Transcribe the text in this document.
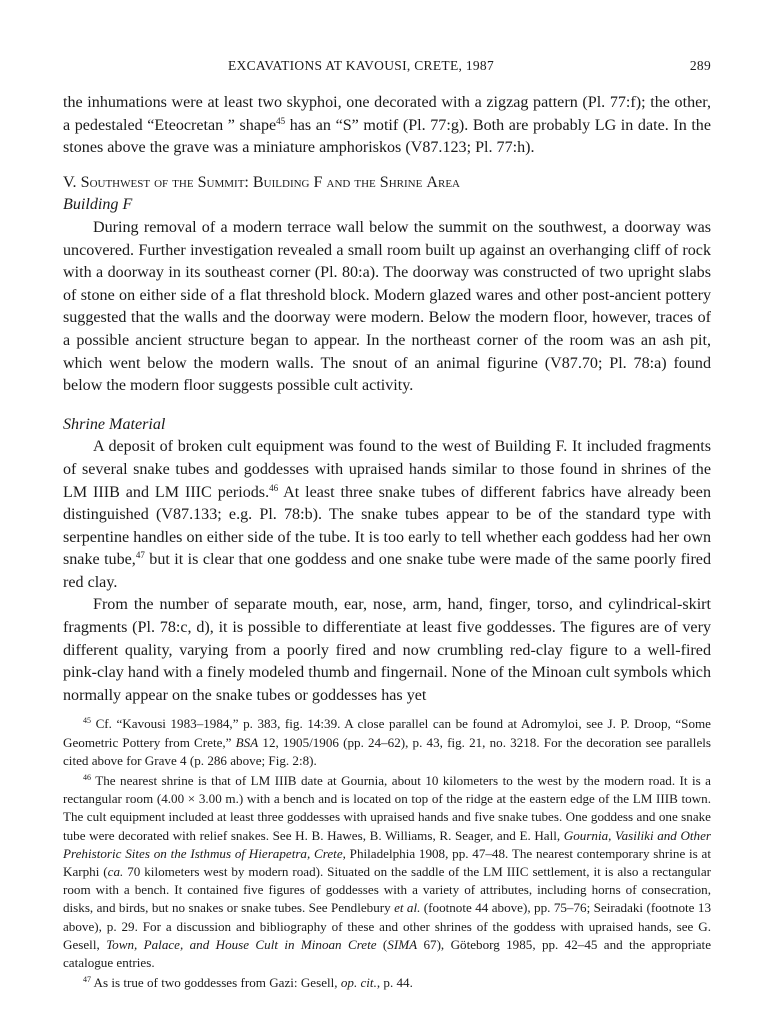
EXCAVATIONS AT KAVOUSI, CRETE, 1987	289

the inhumations were at least two skyphoi, one decorated with a zigzag pattern (Pl. 77:f); the other, a pedestaled “Eteocretan ” shape$^{45}$ has an “S” motif (Pl. 77:g). Both are probably LG in date. In the stones above the grave was a miniature amphoriskos (V87.123; Pl. 77:h).

V. Southwest of the Summit: Building F and the Shrine Area

Building F

During removal of a modern terrace wall below the summit on the southwest, a doorway was uncovered. Further investigation revealed a small room built up against an overhanging cliff of rock with a doorway in its southeast corner (Pl. 80:a). The doorway was constructed of two upright slabs of stone on either side of a flat threshold block. Modern glazed wares and other post-ancient pottery suggested that the walls and the doorway were modern. Below the modern floor, however, traces of a possible ancient structure began to appear. In the northeast corner of the room was an ash pit, which went below the modern walls. The snout of an animal figurine (V87.70; Pl. 78:a) found below the modern floor suggests possible cult activity.

Shrine Material

A deposit of broken cult equipment was found to the west of Building F. It included fragments of several snake tubes and goddesses with upraised hands similar to those found in shrines of the LM IIIB and LM IIIC periods.$^{46}$ At least three snake tubes of different fabrics have already been distinguished (V87.133; e.g. Pl. 78:b). The snake tubes appear to be of the standard type with serpentine handles on either side of the tube. It is too early to tell whether each goddess had her own snake tube,$^{47}$ but it is clear that one goddess and one snake tube were made of the same poorly fired red clay.

From the number of separate mouth, ear, nose, arm, hand, finger, torso, and cylindrical-skirt fragments (Pl. 78:c, d), it is possible to differentiate at least five goddesses. The figures are of very different quality, varying from a poorly fired and now crumbling red-clay figure to a well-fired pink-clay hand with a finely modeled thumb and fingernail. None of the Minoan cult symbols which normally appear on the snake tubes or goddesses has yet

$^{45}$ Cf. “Kavousi 1983–1984,” p. 383, fig. 14:39. A close parallel can be found at Adromyloi, see J. P. Droop, “Some Geometric Pottery from Crete,” BSA 12, 1905/1906 (pp. 24–62), p. 43, fig. 21, no. 3218. For the decoration see parallels cited above for Grave 4 (p. 286 above; Fig. 2:8).

$^{46}$ The nearest shrine is that of LM IIIB date at Gournia, about 10 kilometers to the west by the modern road. It is a rectangular room (4.00 × 3.00 m.) with a bench and is located on top of the ridge at the eastern edge of the LM IIIB town. The cult equipment included at least three goddesses with upraised hands and five snake tubes. One goddess and one snake tube were decorated with relief snakes. See H. B. Hawes, B. Williams, R. Seager, and E. Hall, Gournia, Vasiliki and Other Prehistoric Sites on the Isthmus of Hierapetra, Crete, Philadelphia 1908, pp. 47–48. The nearest contemporary shrine is at Karphi (ca. 70 kilometers west by modern road). Situated on the saddle of the LM IIIC settlement, it is also a rectangular room with a bench. It contained five figures of goddesses with a variety of attributes, including horns of consecration, disks, and birds, but no snakes or snake tubes. See Pendlebury et al. (footnote 44 above), pp. 75–76; Seiradaki (footnote 13 above), p. 29. For a discussion and bibliography of these and other shrines of the goddess with upraised hands, see G. Gesell, Town, Palace, and House Cult in Minoan Crete (SIMA 67), Göteborg 1985, pp. 42–45 and the appropriate catalogue entries.

$^{47}$ As is true of two goddesses from Gazi: Gesell, op. cit., p. 44.
